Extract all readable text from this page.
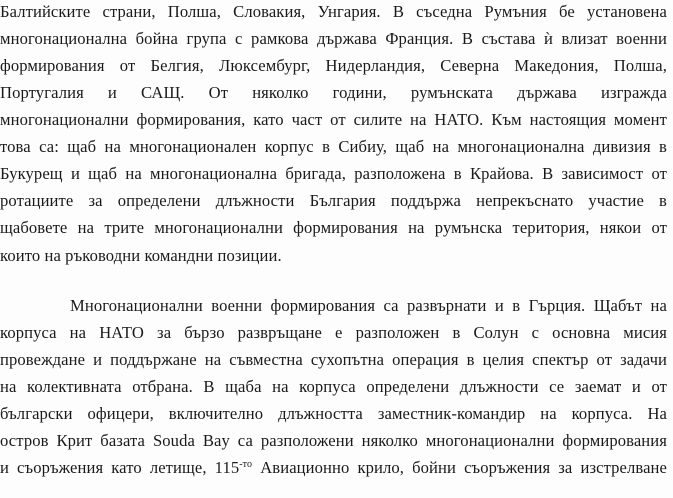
Балтийските страни, Полша, Словакия, Унгария. В съседна Румъния бе установена

многонационална бойна група с рамкова държава Франция. В състава ѝ влизат военни

формирования от Белгия, Люксембург, Нидерландия, Северна Македония, Полша,

Португалия и САЩ. От няколко години, румънската държава изгражда

многонационални формирования, като част от силите на НАТО. Към настоящия момент

това са: щаб на многонационален корпус в Сибиу, щаб на многонационална дивизия в

Букурещ и щаб на многонационална бригада, разположена в Крайова. В зависимост от

ротациите за определени длъжности България поддържа непрекъснато участие в

щабовете на трите многонационални формирования на румънска територия, някои от

които на ръководни командни позиции.

Многонационални военни формирования са развърнати и в Гърция. Щабът на

корпуса на НАТО за бързо развръщане е разположен в Солун с основна мисия

провеждане и поддържане на съвместна сухопътна операция в целия спектър от задачи

на колективната отбрана. В щаба на корпуса определени длъжности се заемат и от

български офицери, включително длъжността заместник-командир на корпуса. На

остров Крит базата Souda Bay са разположени няколко многонационални формирования

и съоръжения като летище, $115^{-то}$ Авиационно крило, бойни съоръжения за изстрелване
